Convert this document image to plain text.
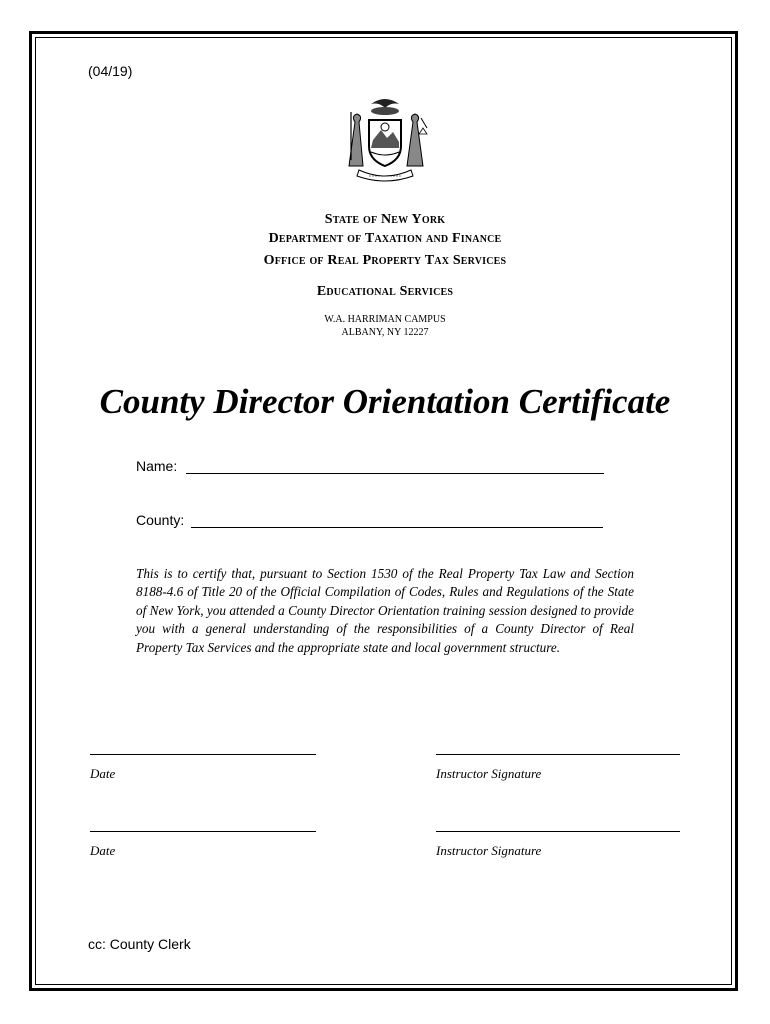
(04/19)
State of New York
Department of Taxation and Finance
Office of Real Property Tax Services
Educational Services
W.A. HARRIMAN CAMPUS
ALBANY, NY 12227
County Director Orientation Certificate
Name:
County:
This is to certify that, pursuant to Section 1530 of the Real Property Tax Law and Section 8188-4.6 of Title 20 of the Official Compilation of Codes, Rules and Regulations of the State of New York, you attended a County Director Orientation training session designed to provide you with a general understanding of the responsibilities of a County Director of Real Property Tax Services and the appropriate state and local government structure.
Date	Instructor Signature
Date	Instructor Signature
cc: County Clerk
